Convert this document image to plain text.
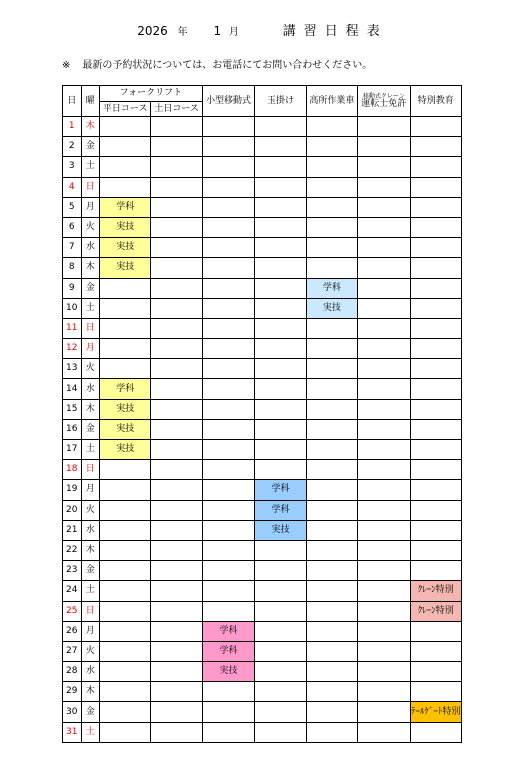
2026 年 1 月	講習日程表
※ 最新の予約状況については、お電話にてお問い合わせください。
日	曜	フォークリフト		小型移動式	玉掛け	高所作業車	移動式クレーン
運転士免許	特別教育
		平日コース	土日コース					
1	木							
2	金							
3	土							
4	日							
5	月	学科						
6	火	実技						
7	水	実技						
8	木	実技						
9	金					学科		
10	土					実技		
11	日							
12	月							
13	火							
14	水	学科						
15	木	実技						
16	金	実技						
17	土	実技						
18	日							
19	月				学科			
20	火				学科			
21	水				実技			
22	木							
23	金							
24	土							ｸﾚｰﾝ特別
25	日							ｸﾚｰﾝ特別
26	月			学科				
27	火			学科				
28	水			実技				
29	木							
30	金							ﾃｰﾙｹﾞｰﾄ特別
31	土							
